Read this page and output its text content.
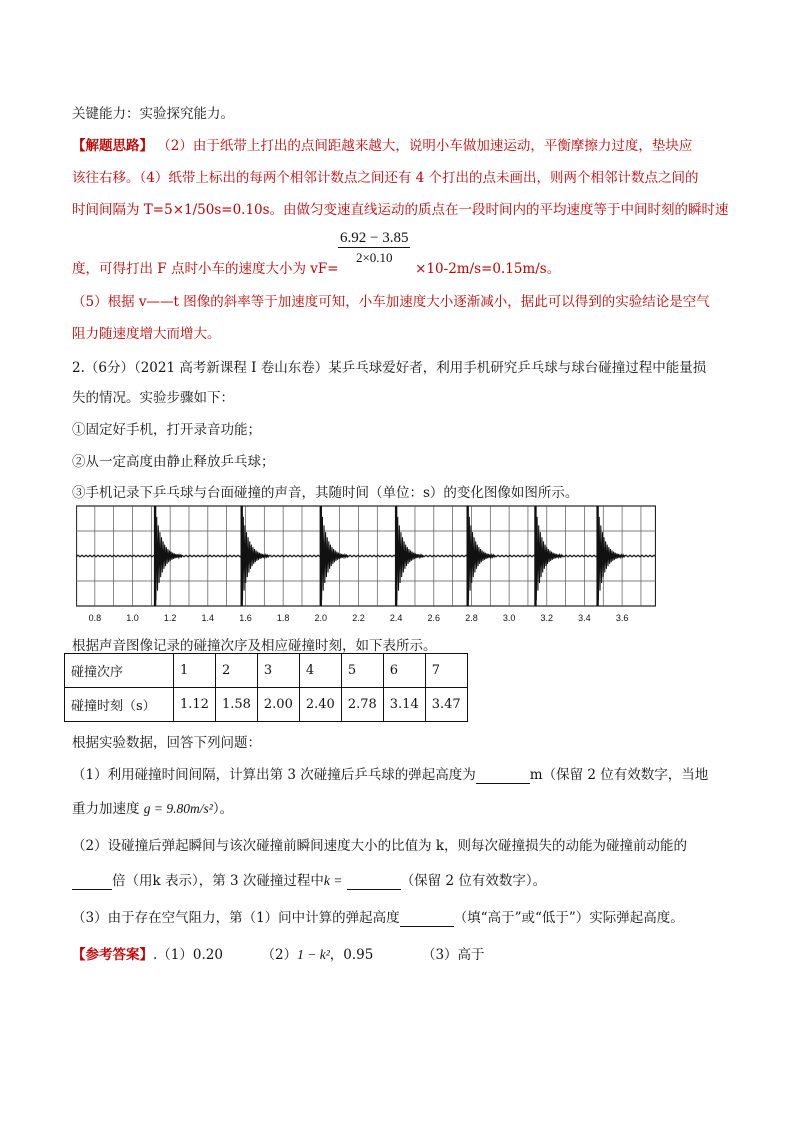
关键能力：实验探究能力。
【解题思路】 （2）由于纸带上打出的点间距越来越大，说明小车做加速运动，平衡摩擦力过度，垫块应
该往右移。（4）纸带上标出的每两个相邻计数点之间还有 4 个打出的点未画出，则两个相邻计数点之间的
时间间隔为 T=5×1/50s=0.10s。由做匀变速直线运动的质点在一段时间内的平均速度等于中间时刻的瞬时速
$\frac{6.92 - 3.85}{2\times 0.10}$
度，可得打出 F 点时小车的速度大小为 vF=	×10-2m/s=0.15m/s。
（5）根据 v——t 图像的斜率等于加速度可知，小车加速度大小逐渐减小，据此可以得到的实验结论是空气
阻力随速度增大而增大。
2.（6分）（2021 高考新课程 I 卷山东卷）某乒乓球爱好者，利用手机研究乒乓球与球台碰撞过程中能量损
失的情况。实验步骤如下：
①固定好手机，打开录音功能；
②从一定高度由静止释放乒乓球；
③手机记录下乒乓球与台面碰撞的声音，其随时间（单位：s）的变化图像如图所示。
0.8	1.0	1.2	1.4	1.6	1.8	2.0	2.2	2.4	2.6	2.8	3.0	3.2	3.4	3.6
根据声音图像记录的碰撞次序及相应碰撞时刻，如下表所示。
碰撞次序	1	2	3	4	5	6	7
碰撞时刻（s）	1.12	1.58	2.00	2.40	2.78	3.14	3.47
根据实验数据，回答下列问题：
（1）利用碰撞时间间隔，计算出第 3 次碰撞后乒乓球的弹起高度为	m（保留 2 位有效数字，当地
重力加速度 g = 9.80m/s²）。
（2）设碰撞后弹起瞬间与该次碰撞前瞬间速度大小的比值为 k，则每次碰撞损失的动能为碰撞前动能的
倍（用k 表示），第 3 次碰撞过程中k =	（保留 2 位有效数字）。
（3）由于存在空气阻力，第（1）问中计算的弹起高度	（填“高于”或“低于”）实际弹起高度。
【参考答案】.（1）0.20	（2）1 − k²，0.95	（3）高于
